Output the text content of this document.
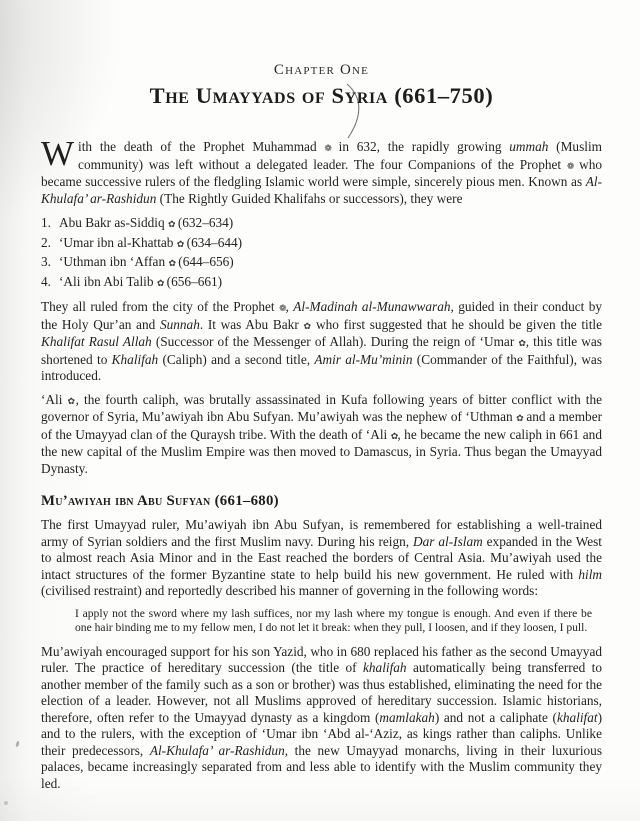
Chapter One
The Umayyads of Syria (661–750)

With the death of the Prophet Muhammad ❁ in 632, the rapidly growing ummah (Muslim community) was left without a delegated leader. The four Companions of the Prophet ❁ who became successive rulers of the fledgling Islamic world were simple, sincerely pious men. Known as Al-Khulafa’ ar-Rashidun (The Rightly Guided Khalifahs or successors), they were

1. Abu Bakr as-Siddiq ✿ (632–634)
2. ‘Umar ibn al-Khattab ✿ (634–644)
3. ‘Uthman ibn ‘Affan ✿ (644–656)
4. ‘Ali ibn Abi Talib ✿ (656–661)

They all ruled from the city of the Prophet ❁, Al-Madinah al-Munawwarah, guided in their conduct by the Holy Qur’an and Sunnah. It was Abu Bakr ✿ who first suggested that he should be given the title Khalifat Rasul Allah (Successor of the Messenger of Allah). During the reign of ‘Umar ✿, this title was shortened to Khalifah (Caliph) and a second title, Amir al-Mu’minin (Commander of the Faithful), was introduced.

‘Ali ✿, the fourth caliph, was brutally assassinated in Kufa following years of bitter conflict with the governor of Syria, Mu’awiyah ibn Abu Sufyan. Mu’awiyah was the nephew of ‘Uthman ✿ and a member of the Umayyad clan of the Quraysh tribe. With the death of ‘Ali ✿, he became the new caliph in 661 and the new capital of the Muslim Empire was then moved to Damascus, in Syria. Thus began the Umayyad Dynasty.

Mu’awiyah ibn Abu Sufyan (661–680)

The first Umayyad ruler, Mu’awiyah ibn Abu Sufyan, is remembered for establishing a well-trained army of Syrian soldiers and the first Muslim navy. During his reign, Dar al-Islam expanded in the West to almost reach Asia Minor and in the East reached the borders of Central Asia. Mu’awiyah used the intact structures of the former Byzantine state to help build his new government. He ruled with hilm (civilised restraint) and reportedly described his manner of governing in the following words:

I apply not the sword where my lash suffices, nor my lash where my tongue is enough. And even if there be one hair binding me to my fellow men, I do not let it break: when they pull, I loosen, and if they loosen, I pull.

Mu’awiyah encouraged support for his son Yazid, who in 680 replaced his father as the second Umayyad ruler. The practice of hereditary succession (the title of khalifah automatically being transferred to another member of the family such as a son or brother) was thus established, eliminating the need for the election of a leader. However, not all Muslims approved of hereditary succession. Islamic historians, therefore, often refer to the Umayyad dynasty as a kingdom (mamlakah) and not a caliphate (khalifat) and to the rulers, with the exception of ‘Umar ibn ‘Abd al-‘Aziz, as kings rather than caliphs. Unlike their predecessors, Al-Khulafa’ ar-Rashidun, the new Umayyad monarchs, living in their luxurious palaces, became increasingly separated from and less able to identify with the Muslim community they led.
